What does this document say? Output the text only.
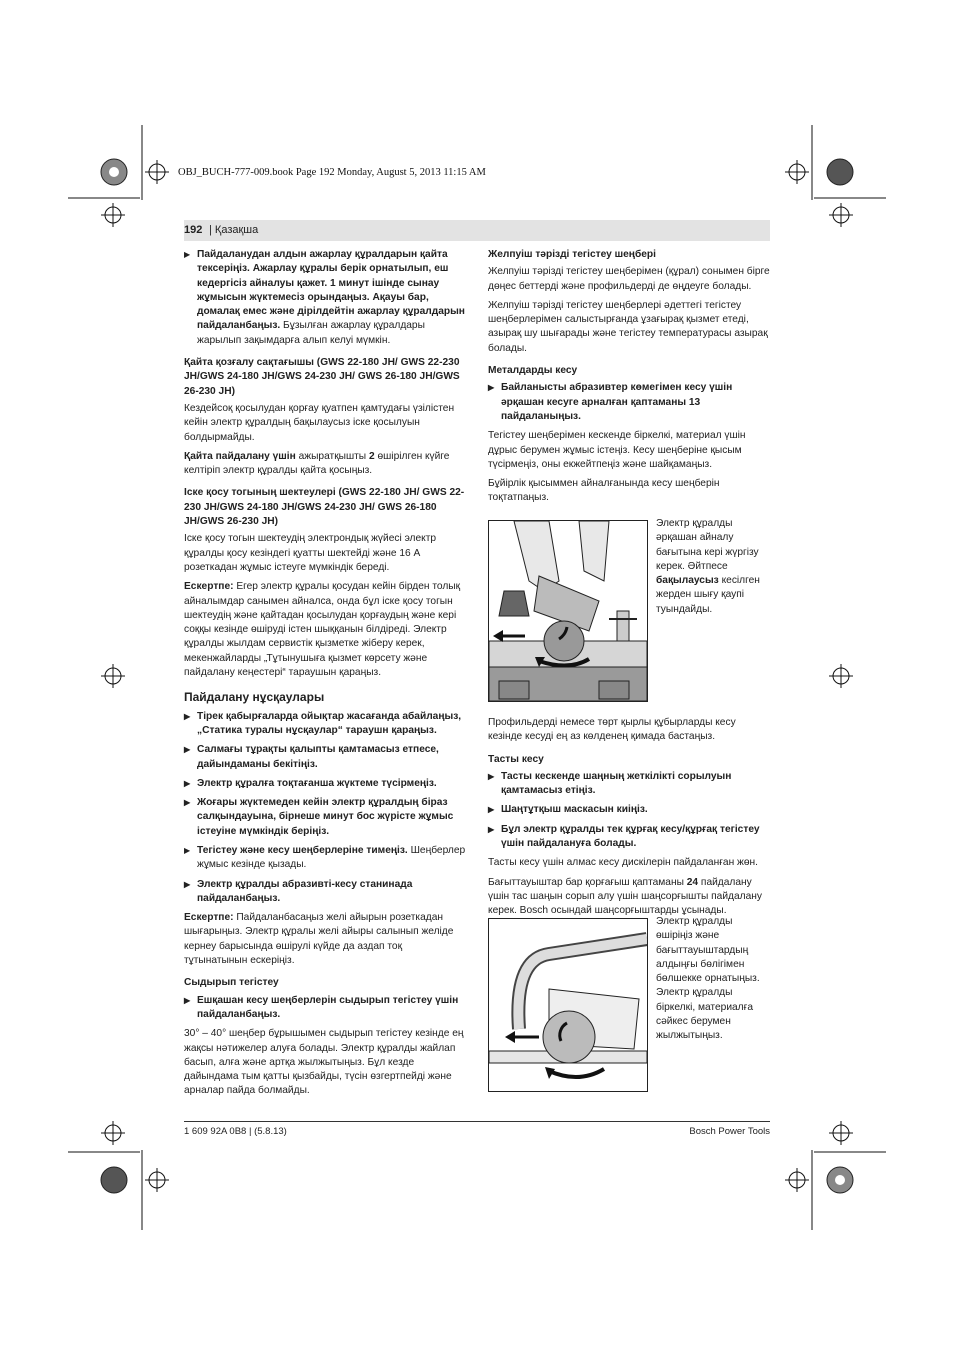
OBJ_BUCH-777-009.book Page 192 Monday, August 5, 2013 11:15 AM
192 | Қазақша
▶ Пайдаланудан алдын ажарлау құралдарын қайта тексеріңіз. Ажарлау құралы берік орнатылып, еш кедергісіз айналуы қажет. 1 минут ішінде сынау жұмысын жүктемесіз орындаңыз. Ақауы бар, домалақ емес және дірілдейтін ажарлау құралдарын пайдаланбаңыз. Бұзылған ажарлау құралдары жарылып зақымдарға алып келуі мүмкін.
Қайта қозғалу сақтағышы (GWS 22-180 JH/ GWS 22-230 JH/GWS 24-180 JH/GWS 24-230 JH/ GWS 26-180 JH/GWS 26-230 JH)

Кездейсоқ қосылудан қорғау қуатпен қамтудағы үзілістен кейін электр құралдың бақылаусыз іске қосылуын болдырмайды.

Қайта пайдалану үшін ажыратқышты 2 өшірілген күйге келтіріп электр құралды қайта қосыңыз.

Іске қосу тогының шектеулері (GWS 22-180 JH/ GWS 22-230 JH/GWS 24-180 JH/GWS 24-230 JH/ GWS 26-180 JH/GWS 26-230 JH)

Іске қосу тогын шектеудің электрондық жүйесі электр құралды қосу кезіндегі қуатты шектейді және 16 А розеткадан жұмыс істеуге мүмкіндік береді.

Ескертпе: Егер электр құралы қосудан кейін бірден толық айналымдар санымен айналса, онда бұл іске қосу тогын шектеудің және қайтадан қосылудан қорғаудың және кері соққы кезінде өшіруді істен шыққанын білдіреді. Электр құралды жылдам сервистік қызметке жіберу керек, мекенжайларды „Тұтынушыға қызмет көрсету және пайдалану кеңестері“ тараушын қараңыз.

Пайдалану нұсқаулары
▶ Тірек қабырғаларда ойықтар жасағанда абайлаңыз, „Статика туралы нұсқаулар“ тараушн қараңыз.
▶ Салмағы тұрақты қалыпты қамтамасыз етпесе, дайындаманы бекітіңіз.
▶ Электр құралға тоқтағанша жүктеме түсірмеңіз.
▶ Жоғары жүктемеден кейін электр құралдың біраз салқындауына, бірнеше минут бос жүрісте жұмыс істеуіне мүмкіндік беріңіз.
▶ Тегістеу және кесу шеңберлеріне тимеңіз. Шеңберлер жұмыс кезінде қызады.
▶ Электр құралды абразивті-кесу станинада пайдаланбаңыз.

Ескертпе: Пайдаланбасаңыз желі айырын розеткадан шығарыңыз. Электр құралы желі айыры салынып желіде кернеу барысында өшірулі күйде да аздап тоқ тұтынатынын ескеріңіз.

Сыдырып тегістеу
▶ Ешқашан кесу шеңберлерін сыдырып тегістеу үшін пайдаланбаңыз.

30° – 40° шеңбер бұрышымен сыдырып тегістеу кезінде ең жақсы нәтижелер алуға болады. Электр құралды жайлап басып, алға және артқа жылжытыңыз. Бұл кезде дайындама тым қатты қызбайды, түсін өзгертпейді және арналар пайда болмайды.

Желпуіш тәрізді тегістеу шеңбері

Желпуіш тәрізді тегістеу шеңберімен (құрал) сонымен бірге дөңес беттерді және профильдерді де өңдеуге болады.

Желпуіш тәрізді тегістеу шеңберлері әдеттегі тегістеу шеңберлерімен салыстырғанда ұзағырақ қызмет етеді, азырақ шу шығарады және тегістеу температурасы азырақ болады.

Металдарды кесу
▶ Байланысты абразивтер көмегімен кесу үшін әрқашан кесуге арналған қаптаманы 13 пайдаланыңыз.

Тегістеу шеңберімен кескенде біркелкі, материал үшін дұрыс берумен жұмыс істеңіз. Кесу шеңберіне қысым түсірмеңіз, оны екжейтпеңіз және шайқамаңыз.

Бұйірлік қысыммен айналғанында кесу шеңберін тоқтатпаңыз.

Электр құралды әрқашан айналу бағытына кері жүргізу керек. Әйтпесе бақылаусыз кесілген жерден шығу қаупі туындайды.

Профильдерді немесе төрт қырлы құбырларды кесу кезінде кесуді ең аз көлденең қимада бастаңыз.

Тасты кесу
▶ Тасты кескенде шаңның жеткілікті сорылуын қамтамасыз етіңіз.
▶ Шаңтұтқыш маскасын киіңіз.
▶ Бұл электр құралды тек құрғақ кесу/құрғақ тегістеу үшін пайдалануға болады.

Тасты кесу үшін алмас кесу дискілерін пайдаланған жөн.

Бағыттауыштар бар қорғағыш қаптаманы 24 пайдалану үшін тас шаңын сорып алу үшін шаңсорғышты пайдалану керек. Bosch осындай шаңсорғыштарды ұсынады.

Электр құралды өшіріңіз және бағыттауыштардың алдыңғы бөлігімен бөлшекке орнатыңыз. Электр құралды біркелкі, материалға сәйкес берумен жылжытыңыз.
1 609 92A 0B8 | (5.8.13)	Bosch Power Tools
